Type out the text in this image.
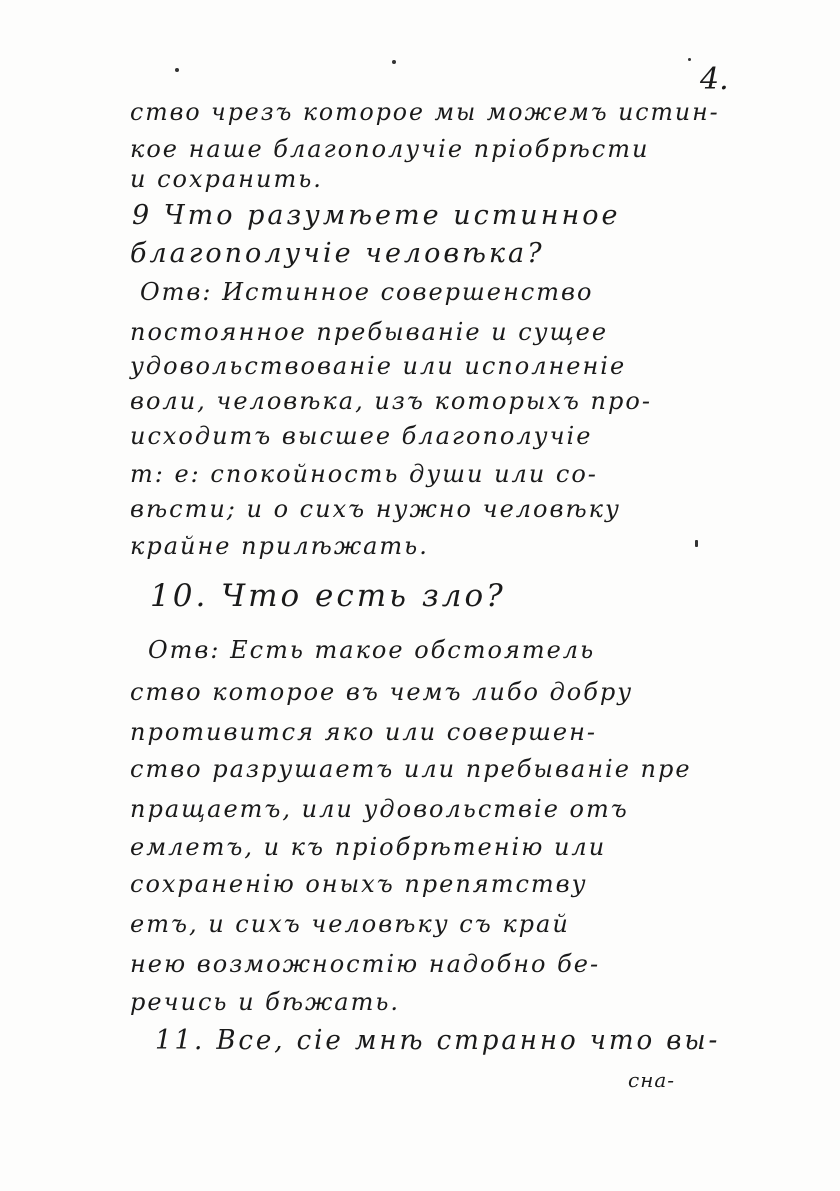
4.
ство чрезъ которое мы можемъ истин-
кое наше благополучіе пріобрѣсти
и сохранить.
9 Что разумѣете истинное
благополучіе человѣка?
Отв: Истинное совершенство
постоянное пребываніе и сущее
удовольствованіе или исполненіе
воли, человѣка, изъ которыхъ про-
исходитъ высшее благополучіе
т: е: спокойность души или со-
вѣсти; и о сихъ нужно человѣку
крайне прилѣжать.
10. Что есть зло?
Отв: Есть такое обстоятель
ство которое въ чемъ либо добру
противится яко или совершен-
ство разрушаетъ или пребываніе пре
пращаетъ, или удовольствіе отъ
емлетъ, и къ пріобрѣтенію или
сохраненію оныхъ препятству
етъ, и сихъ человѣку съ край
нею возможностію надобно бе-
речись и бѣжать.
11. Все, сіе мнѣ странно что вы-
сна-
